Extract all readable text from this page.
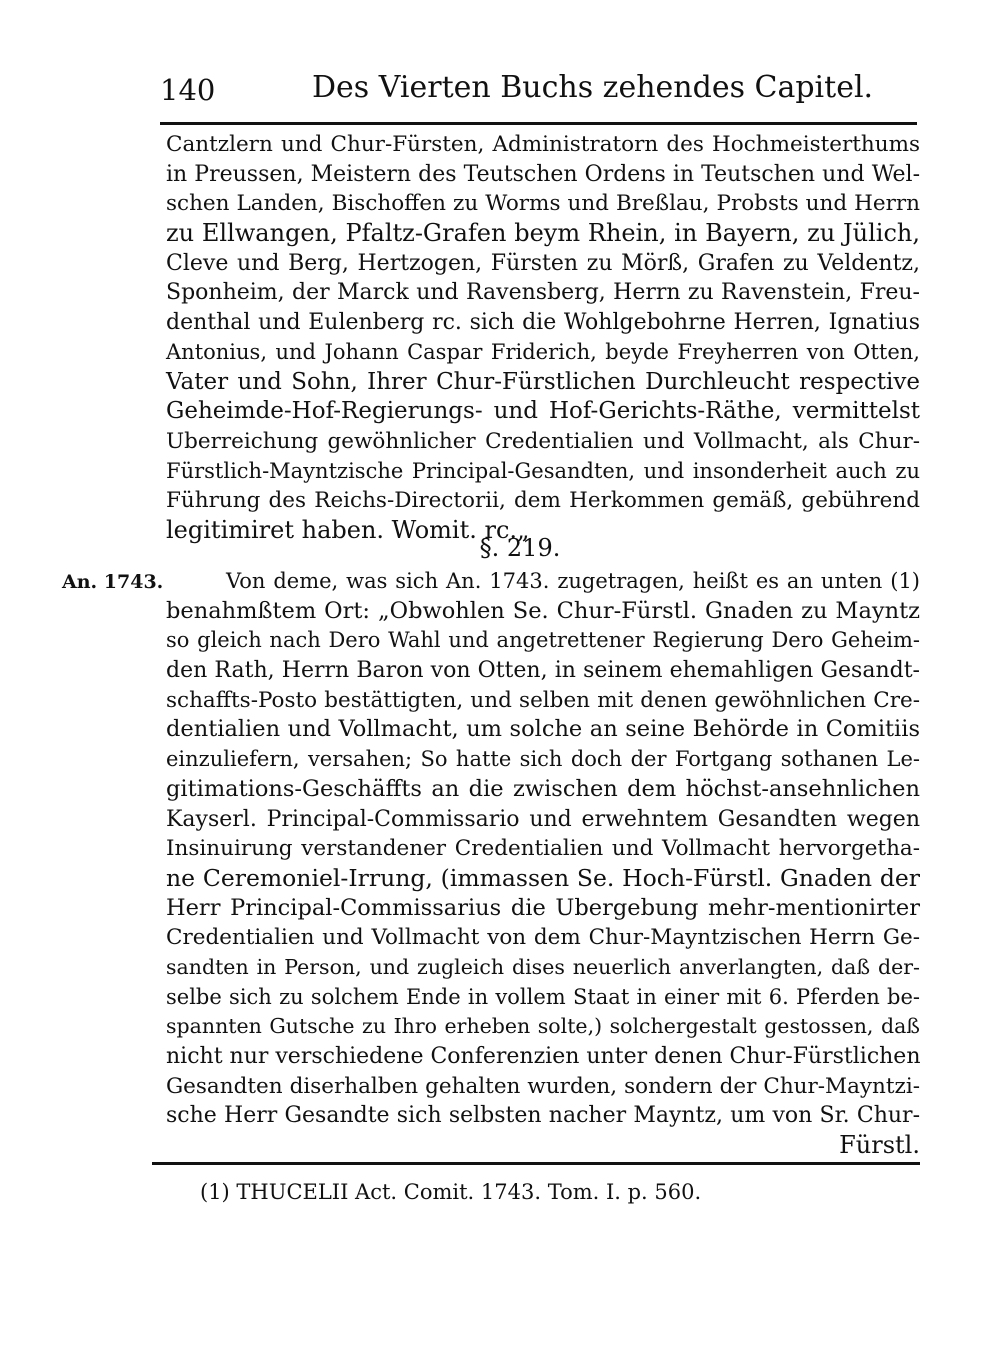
140	Des Vierten Buchs zehendes Capitel.
Cantzlern und Chur-Fürsten, Administratorn des Hochmeisterthums
in Preussen, Meistern des Teutschen Ordens in Teutschen und Wel-
schen Landen, Bischoffen zu Worms und Breßlau, Probsts und Herrn
zu Ellwangen, Pfaltz-Grafen beym Rhein, in Bayern, zu Jülich,
Cleve und Berg, Hertzogen, Fürsten zu Mörß, Grafen zu Veldentz,
Sponheim, der Marck und Ravensberg, Herrn zu Ravenstein, Freu-
denthal und Eulenberg rc. sich die Wohlgebohrne Herren, Ignatius
Antonius, und Johann Caspar Friderich, beyde Freyherren von Otten,
Vater und Sohn, Ihrer Chur-Fürstlichen Durchleucht respective
Geheimde-Hof-Regierungs- und Hof-Gerichts-Räthe, vermittelst
Uberreichung gewöhnlicher Credentialien und Vollmacht, als Chur-
Fürstlich-Mayntzische Principal-Gesandten, und insonderheit auch zu
Führung des Reichs-Directorii, dem Herkommen gemäß, gebührend
legitimiret haben. Womit. rc.„
§. 219.
An. 1743.	Von deme, was sich An. 1743. zugetragen, heißt es an unten (1)
benahmßtem Ort: „Obwohlen Se. Chur-Fürstl. Gnaden zu Mayntz
so gleich nach Dero Wahl und angetrettener Regierung Dero Geheim-
den Rath, Herrn Baron von Otten, in seinem ehemahligen Gesandt-
schaffts-Posto bestättigten, und selben mit denen gewöhnlichen Cre-
dentialien und Vollmacht, um solche an seine Behörde in Comitiis
einzuliefern, versahen; So hatte sich doch der Fortgang sothanen Le-
gitimations-Geschäffts an die zwischen dem höchst-ansehnlichen
Kayserl. Principal-Commissario und erwehntem Gesandten wegen
Insinuirung verstandener Credentialien und Vollmacht hervorgetha-
ne Ceremoniel-Irrung, (immassen Se. Hoch-Fürstl. Gnaden der
Herr Principal-Commissarius die Ubergebung mehr-mentionirter
Credentialien und Vollmacht von dem Chur-Mayntzischen Herrn Ge-
sandten in Person, und zugleich dises neuerlich anverlangten, daß der-
selbe sich zu solchem Ende in vollem Staat in einer mit 6. Pferden be-
spannten Gutsche zu Ihro erheben solte,) solchergestalt gestossen, daß
nicht nur verschiedene Conferenzien unter denen Chur-Fürstlichen
Gesandten diserhalben gehalten wurden, sondern der Chur-Mayntzi-
sche Herr Gesandte sich selbsten nacher Mayntz, um von Sr. Chur-
Fürstl.
(1) THUCELII Act. Comit. 1743. Tom. I. p. 560.
